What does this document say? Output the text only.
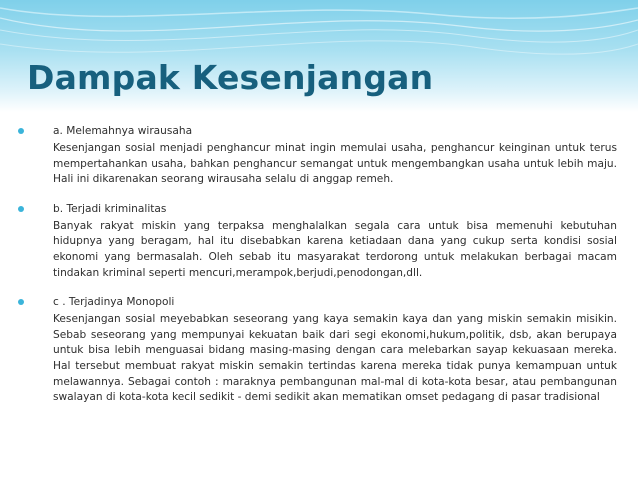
Dampak Kesenjangan

a. Melemahnya wirausaha

Kesenjangan sosial menjadi penghancur minat ingin memulai usaha, penghancur keinginan untuk terus mempertahankan usaha, bahkan penghancur semangat untuk mengembangkan usaha untuk lebih maju. Hali ini dikarenakan seorang wirausaha selalu di anggap remeh.

b. Terjadi kriminalitas

Banyak rakyat miskin yang terpaksa menghalalkan segala cara untuk bisa memenuhi kebutuhan hidupnya yang beragam, hal itu disebabkan karena ketiadaan dana yang cukup serta kondisi sosial ekonomi yang bermasalah. Oleh sebab itu masyarakat terdorong untuk melakukan berbagai macam tindakan kriminal seperti mencuri,merampok,berjudi,penodongan,dll.

c . Terjadinya Monopoli

Kesenjangan sosial meyebabkan seseorang yang kaya semakin kaya dan yang miskin semakin misikin. Sebab seseorang yang mempunyai kekuatan baik dari segi ekonomi,hukum,politik, dsb, akan berupaya untuk bisa lebih menguasai bidang masing-masing dengan cara melebarkan sayap kekuasaan mereka. Hal tersebut membuat rakyat miskin semakin tertindas karena mereka tidak punya kemampuan untuk melawannya. Sebagai contoh : maraknya pembangunan mal-mal di kota-kota besar, atau pembangunan swalayan di kota-kota kecil sedikit - demi sedikit akan mematikan omset pedagang di pasar tradisional
